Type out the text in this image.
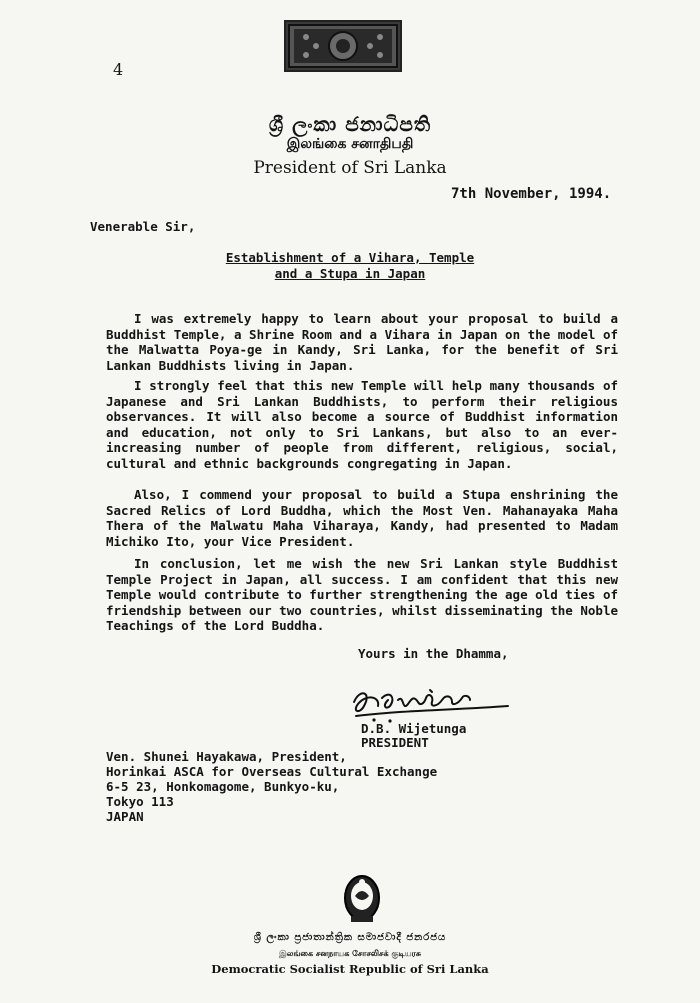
4
ශ්‍රී ලංකා ජනාධිපති
இலங்கை சனாதிபதி
President of Sri Lanka
7th November, 1994.
Venerable Sir,
Establishment of a Vihara, Temple
and a Stupa in Japan
I was extremely happy to learn about your proposal to build a Buddhist Temple, a Shrine Room and a Vihara in Japan on the model of the Malwatta Poya-ge in Kandy, Sri Lanka, for the benefit of Sri Lankan Buddhists living in Japan.
I strongly feel that this new Temple will help many thousands of Japanese and Sri Lankan Buddhists, to perform their religious observances. It will also become a source of Buddhist information and education, not only to Sri Lankans, but also to an ever-increasing number of people from different, religious, social, cultural and ethnic backgrounds congregating in Japan.
Also, I commend your proposal to build a Stupa enshrining the Sacred Relics of Lord Buddha, which the Most Ven. Mahanayaka Maha Thera of the Malwatu Maha Viharaya, Kandy, had presented to Madam Michiko Ito, your Vice President.
In conclusion, let me wish the new Sri Lankan style Buddhist Temple Project in Japan, all success. I am confident that this new Temple would contribute to further strengthening the age old ties of friendship between our two countries, whilst disseminating the Noble Teachings of the Lord Buddha.
Yours in the Dhamma,
D.B. Wijetunga
PRESIDENT
Ven. Shunei Hayakawa, President,
Horinkai ASCA for Overseas Cultural Exchange
6-5 23, Honkomagome, Bunkyo-ku,
Tokyo 113
JAPAN
ශ්‍රී ලංකා ප්‍රජාතාන්ත්‍රික සමාජවාදී ජනරජය
இலங்கை சனநாயக சோசலிசக் குடியரசு
Democratic Socialist Republic of Sri Lanka
